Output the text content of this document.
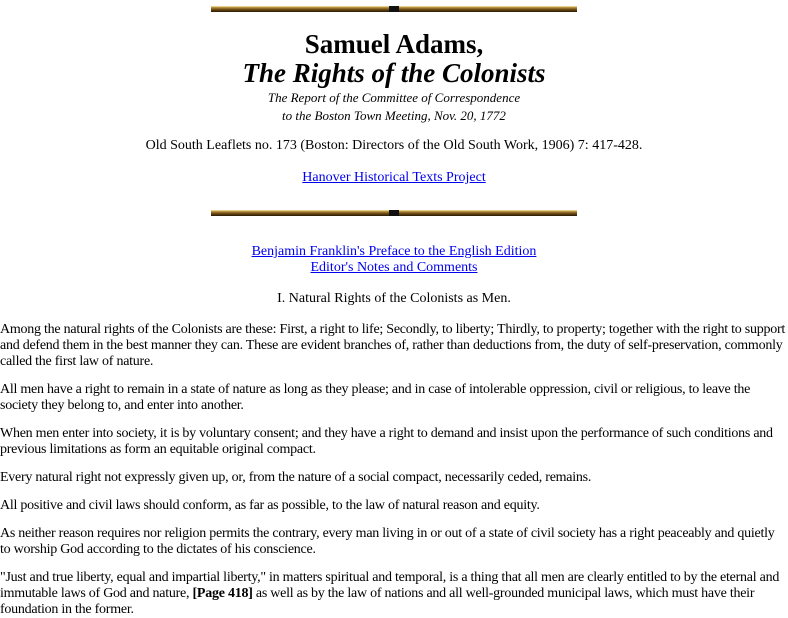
Samuel Adams,
The Rights of the Colonists
The Report of the Committee of Correspondence
to the Boston Town Meeting, Nov. 20, 1772
Old South Leaflets no. 173 (Boston: Directors of the Old South Work, 1906) 7: 417-428.
Hanover Historical Texts Project
Benjamin Franklin's Preface to the English Edition
Editor's Notes and Comments
I. Natural Rights of the Colonists as Men.

Among the natural rights of the Colonists are these: First, a right to life; Secondly, to liberty; Thirdly, to property; together with the right to support and defend them in the best manner they can. These are evident branches of, rather than deductions from, the duty of self-preservation, commonly called the first law of nature.

All men have a right to remain in a state of nature as long as they please; and in case of intolerable oppression, civil or religious, to leave the society they belong to, and enter into another.

When men enter into society, it is by voluntary consent; and they have a right to demand and insist upon the performance of such conditions and previous limitations as form an equitable original compact.

Every natural right not expressly given up, or, from the nature of a social compact, necessarily ceded, remains.

All positive and civil laws should conform, as far as possible, to the law of natural reason and equity.

As neither reason requires nor religion permits the contrary, every man living in or out of a state of civil society has a right peaceably and quietly to worship God according to the dictates of his conscience.

"Just and true liberty, equal and impartial liberty," in matters spiritual and temporal, is a thing that all men are clearly entitled to by the eternal and immutable laws of God and nature, [Page 418] as well as by the law of nations and all well-grounded municipal laws, which must have their foundation in the former.
